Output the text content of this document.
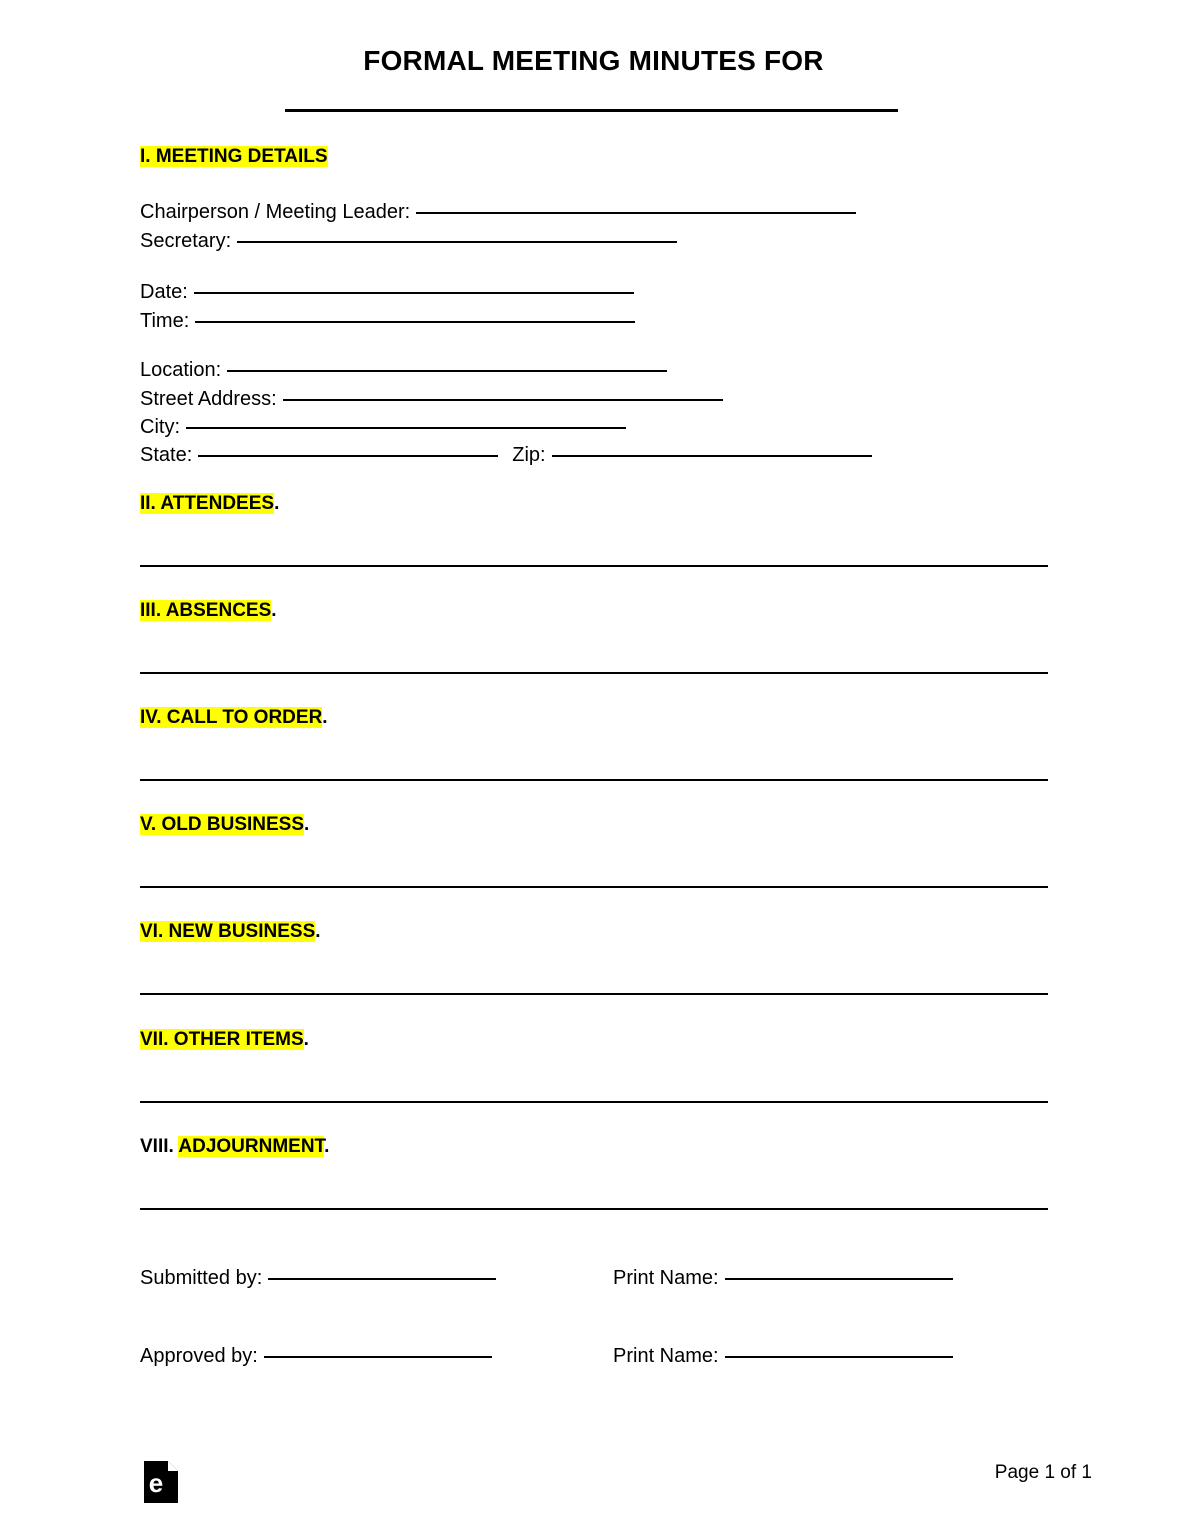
FORMAL MEETING MINUTES FOR
I. MEETING DETAILS
Chairperson / Meeting Leader:
Secretary:
Date:
Time:
Location:
Street Address:
City:
State:	Zip:
II. ATTENDEES.
III. ABSENCES.
IV. CALL TO ORDER.
V. OLD BUSINESS.
VI. NEW BUSINESS.
VII. OTHER ITEMS.
VIII. ADJOURNMENT.
Submitted by:	Print Name:
Approved by:	Print Name:
e	Page 1 of 1
